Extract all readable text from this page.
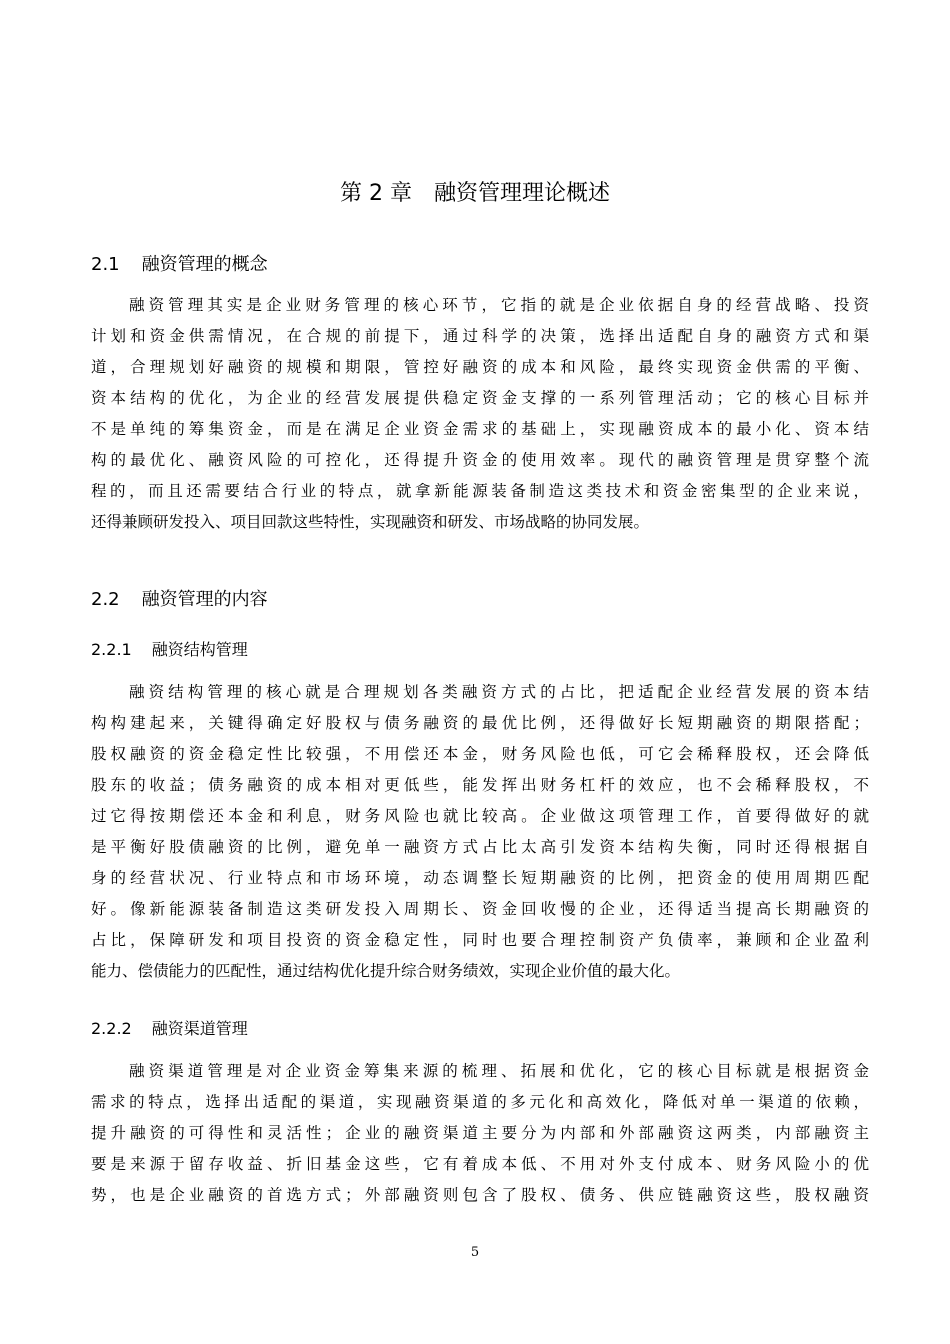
第 2 章　融资管理理论概述
2.1 融资管理的概念
融资管理其实是企业财务管理的核心环节，它指的就是企业依据自身的经营战略、投资
计划和资金供需情况，在合规的前提下，通过科学的决策，选择出适配自身的融资方式和渠
道，合理规划好融资的规模和期限，管控好融资的成本和风险，最终实现资金供需的平衡、
资本结构的优化，为企业的经营发展提供稳定资金支撑的一系列管理活动；它的核心目标并
不是单纯的筹集资金，而是在满足企业资金需求的基础上，实现融资成本的最小化、资本结
构的最优化、融资风险的可控化，还得提升资金的使用效率。现代的融资管理是贯穿整个流
程的，而且还需要结合行业的特点，就拿新能源装备制造这类技术和资金密集型的企业来说，
还得兼顾研发投入、项目回款这些特性，实现融资和研发、市场战略的协同发展。
2.2 融资管理的内容
2.2.1 融资结构管理
融资结构管理的核心就是合理规划各类融资方式的占比，把适配企业经营发展的资本结
构构建起来，关键得确定好股权与债务融资的最优比例，还得做好长短期融资的期限搭配；
股权融资的资金稳定性比较强，不用偿还本金，财务风险也低，可它会稀释股权，还会降低
股东的收益；债务融资的成本相对更低些，能发挥出财务杠杆的效应，也不会稀释股权，不
过它得按期偿还本金和利息，财务风险也就比较高。企业做这项管理工作，首要得做好的就
是平衡好股债融资的比例，避免单一融资方式占比太高引发资本结构失衡，同时还得根据自
身的经营状况、行业特点和市场环境，动态调整长短期融资的比例，把资金的使用周期匹配
好。像新能源装备制造这类研发投入周期长、资金回收慢的企业，还得适当提高长期融资的
占比，保障研发和项目投资的资金稳定性，同时也要合理控制资产负债率，兼顾和企业盈利
能力、偿债能力的匹配性，通过结构优化提升综合财务绩效，实现企业价值的最大化。
2.2.2 融资渠道管理
融资渠道管理是对企业资金筹集来源的梳理、拓展和优化，它的核心目标就是根据资金
需求的特点，选择出适配的渠道，实现融资渠道的多元化和高效化，降低对单一渠道的依赖，
提升融资的可得性和灵活性；企业的融资渠道主要分为内部和外部融资这两类，内部融资主
要是来源于留存收益、折旧基金这些，它有着成本低、不用对外支付成本、财务风险小的优
势，也是企业融资的首选方式；外部融资则包含了股权、债务、供应链融资这些，股权融资
5
